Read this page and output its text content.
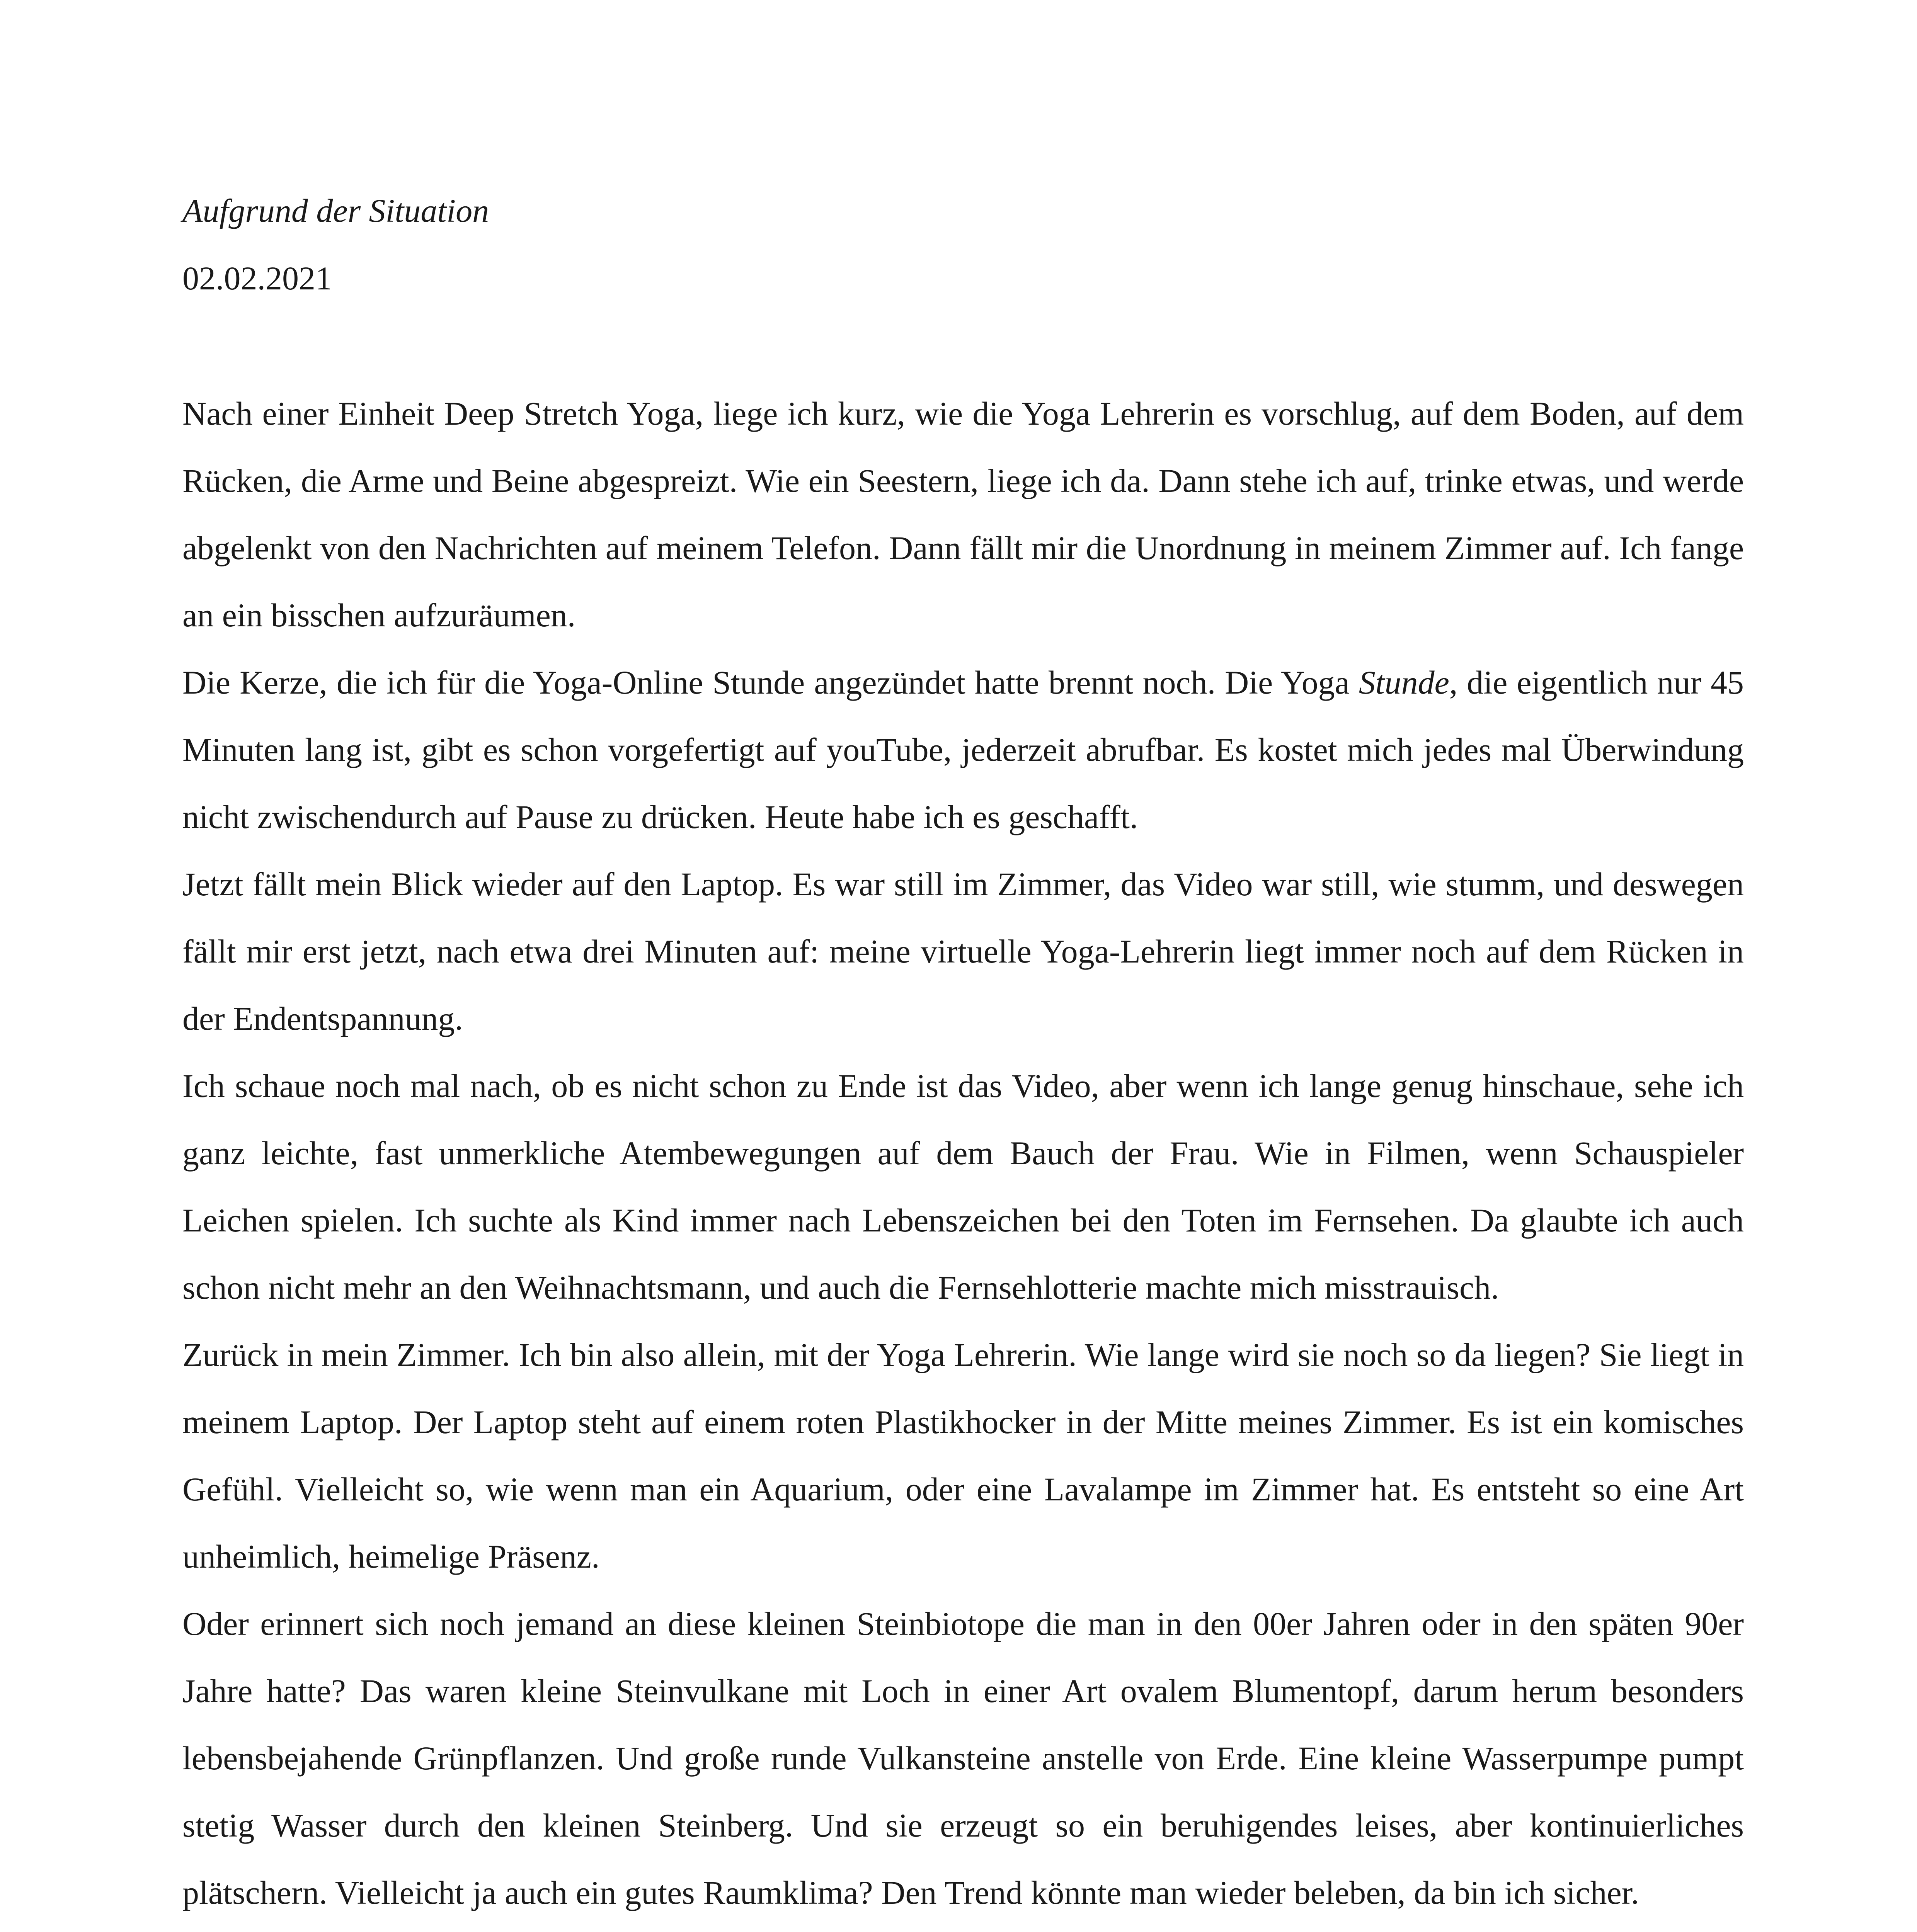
Aufgrund der Situation

02.02.2021

Nach einer Einheit Deep Stretch Yoga, liege ich kurz, wie die Yoga Lehrerin es vorschlug, auf dem Boden, auf dem Rücken, die Arme und Beine abgespreizt. Wie ein Seestern, liege ich da. Dann stehe ich auf, trinke etwas, und werde abgelenkt von den Nachrichten auf meinem Telefon. Dann fällt mir die Unordnung in meinem Zimmer auf. Ich fange an ein bisschen aufzuräumen.

Die Kerze, die ich für die Yoga-Online Stunde angezündet hatte brennt noch. Die Yoga Stunde, die eigentlich nur 45 Minuten lang ist, gibt es schon vorgefertigt auf youTube, jederzeit abrufbar. Es kostet mich jedes mal Überwindung nicht zwischendurch auf Pause zu drücken. Heute habe ich es geschafft.

Jetzt fällt mein Blick wieder auf den Laptop. Es war still im Zimmer, das Video war still, wie stumm, und deswegen fällt mir erst jetzt, nach etwa drei Minuten auf: meine virtuelle Yoga-Lehrerin liegt immer noch auf dem Rücken in der Endentspannung.

Ich schaue noch mal nach, ob es nicht schon zu Ende ist das Video, aber wenn ich lange genug hinschaue, sehe ich ganz leichte, fast unmerkliche Atembewegungen auf dem Bauch der Frau. Wie in Filmen, wenn Schauspieler Leichen spielen. Ich suchte als Kind immer nach Lebenszeichen bei den Toten im Fernsehen. Da glaubte ich auch schon nicht mehr an den Weihnachtsmann, und auch die Fernsehlotterie machte mich misstrauisch.

Zurück in mein Zimmer. Ich bin also allein, mit der Yoga Lehrerin. Wie lange wird sie noch so da liegen? Sie liegt in meinem Laptop. Der Laptop steht auf einem roten Plastikhocker in der Mitte meines Zimmer. Es ist ein komisches Gefühl. Vielleicht so, wie wenn man ein Aquarium, oder eine Lavalampe im Zimmer hat. Es entsteht so eine Art unheimlich, heimelige Präsenz.

Oder erinnert sich noch jemand an diese kleinen Steinbiotope die man in den 00er Jahren oder in den späten 90er Jahre hatte? Das waren kleine Steinvulkane mit Loch in einer Art ovalem Blumentopf, darum herum besonders lebensbejahende Grünpflanzen. Und große runde Vulkansteine anstelle von Erde. Eine kleine Wasserpumpe pumpt stetig Wasser durch den kleinen Steinberg. Und sie erzeugt so ein beruhigendes leises, aber kontinuierliches plätschern. Vielleicht ja auch ein gutes Raumklima? Den Trend könnte man wieder beleben, da bin ich sicher.
